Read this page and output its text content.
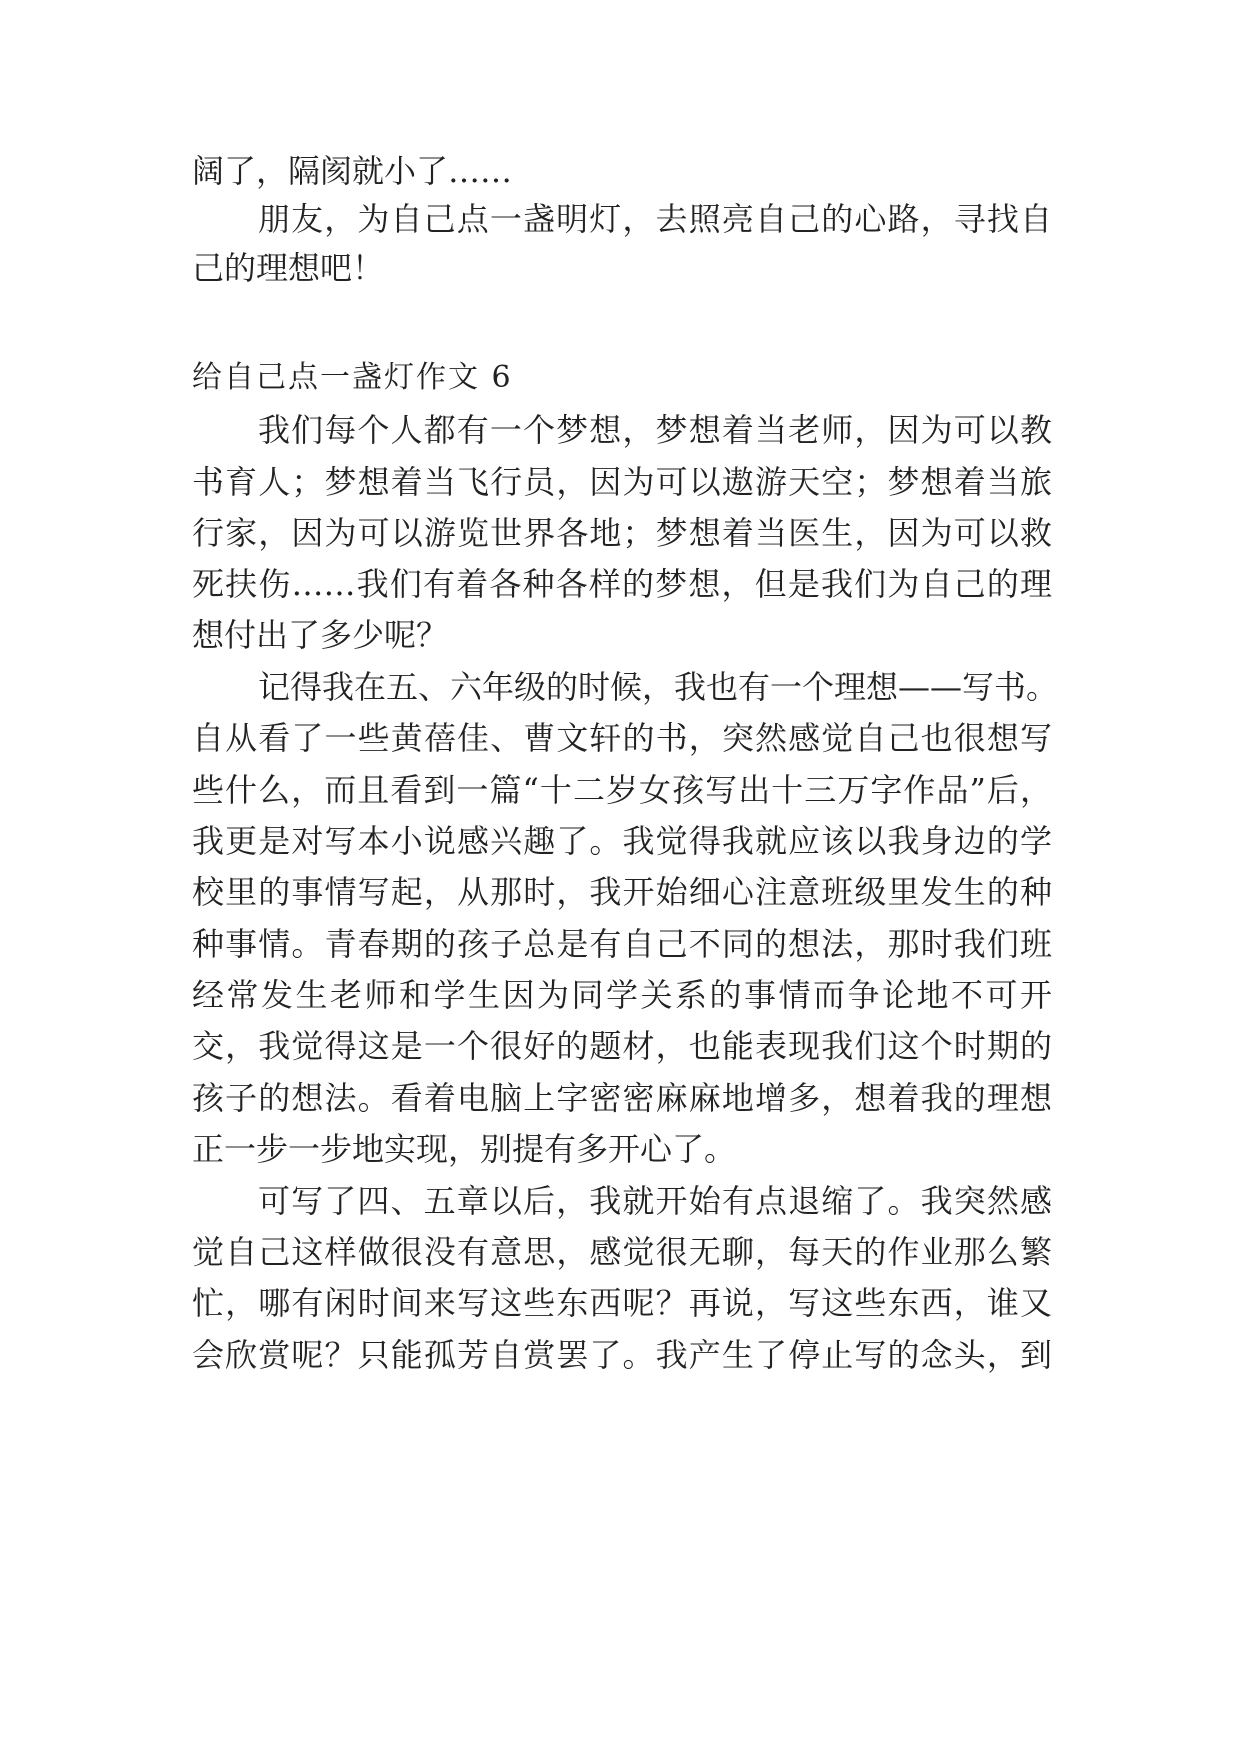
阔了，隔阂就小了……
朋友，为自己点一盏明灯，去照亮自己的心路，寻找自
己的理想吧！
给自己点一盏灯作文 6
我们每个人都有一个梦想，梦想着当老师，因为可以教
书育人；梦想着当飞行员，因为可以遨游天空；梦想着当旅
行家，因为可以游览世界各地；梦想着当医生，因为可以救
死扶伤……我们有着各种各样的梦想，但是我们为自己的理
想付出了多少呢？
记得我在五、六年级的时候，我也有一个理想——写书。
自从看了一些黄蓓佳、曹文轩的书，突然感觉自己也很想写
些什么，而且看到一篇“十二岁女孩写出十三万字作品”后，
我更是对写本小说感兴趣了。我觉得我就应该以我身边的学
校里的事情写起，从那时，我开始细心注意班级里发生的种
种事情。青春期的孩子总是有自己不同的想法，那时我们班
经常发生老师和学生因为同学关系的事情而争论地不可开
交，我觉得这是一个很好的题材，也能表现我们这个时期的
孩子的想法。看着电脑上字密密麻麻地增多，想着我的理想
正一步一步地实现，别提有多开心了。
可写了四、五章以后，我就开始有点退缩了。我突然感
觉自己这样做很没有意思，感觉很无聊，每天的作业那么繁
忙，哪有闲时间来写这些东西呢？再说，写这些东西，谁又
会欣赏呢？只能孤芳自赏罢了。我产生了停止写的念头，到
